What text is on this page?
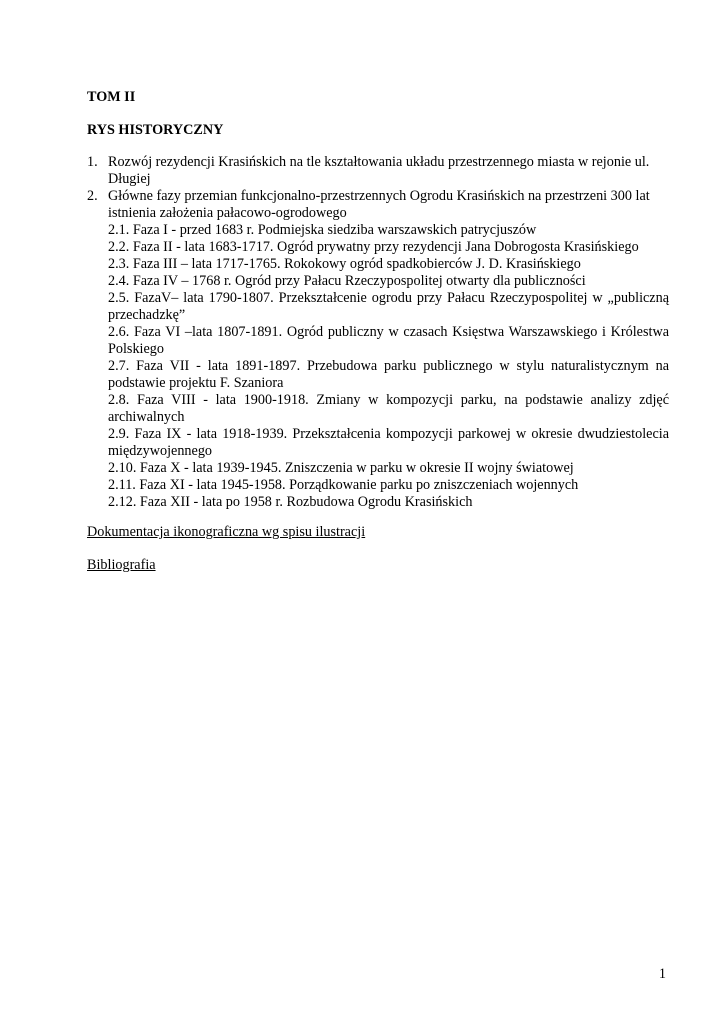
TOM II
RYS HISTORYCZNY
1. Rozwój rezydencji Krasińskich na tle kształtowania układu przestrzennego miasta w rejonie ul. Długiej
2. Główne fazy przemian funkcjonalno-przestrzennych Ogrodu Krasińskich na przestrzeni 300 lat istnienia założenia pałacowo-ogrodowego
2.1. Faza I - przed 1683 r. Podmiejska siedziba warszawskich patrycjuszów
2.2. Faza II - lata 1683-1717. Ogród prywatny przy rezydencji Jana Dobrogosta Krasińskiego
2.3. Faza III – lata 1717-1765. Rokokowy ogród spadkobierców J. D. Krasińskiego
2.4. Faza IV – 1768 r. Ogród przy Pałacu Rzeczypospolitej otwarty dla publiczności
2.5. FazaV– lata 1790-1807. Przekształcenie ogrodu przy Pałacu Rzeczypospolitej w „publiczną przechadzkę”
2.6. Faza VI –lata 1807-1891. Ogród publiczny w czasach Księstwa Warszawskiego i Królestwa Polskiego
2.7. Faza VII - lata 1891-1897. Przebudowa parku publicznego w stylu naturalistycznym na podstawie projektu F. Szaniora
2.8. Faza VIII - lata 1900-1918. Zmiany w kompozycji parku, na podstawie analizy zdjęć archiwalnych
2.9. Faza IX - lata 1918-1939. Przekształcenia kompozycji parkowej w okresie dwudziestolecia międzywojennego
2.10. Faza X - lata 1939-1945. Zniszczenia w parku w okresie II wojny światowej
2.11. Faza XI - lata 1945-1958. Porządkowanie parku po zniszczeniach wojennych
2.12. Faza XII - lata po 1958 r. Rozbudowa Ogrodu Krasińskich
Dokumentacja ikonograficzna wg spisu ilustracji
Bibliografia
1
